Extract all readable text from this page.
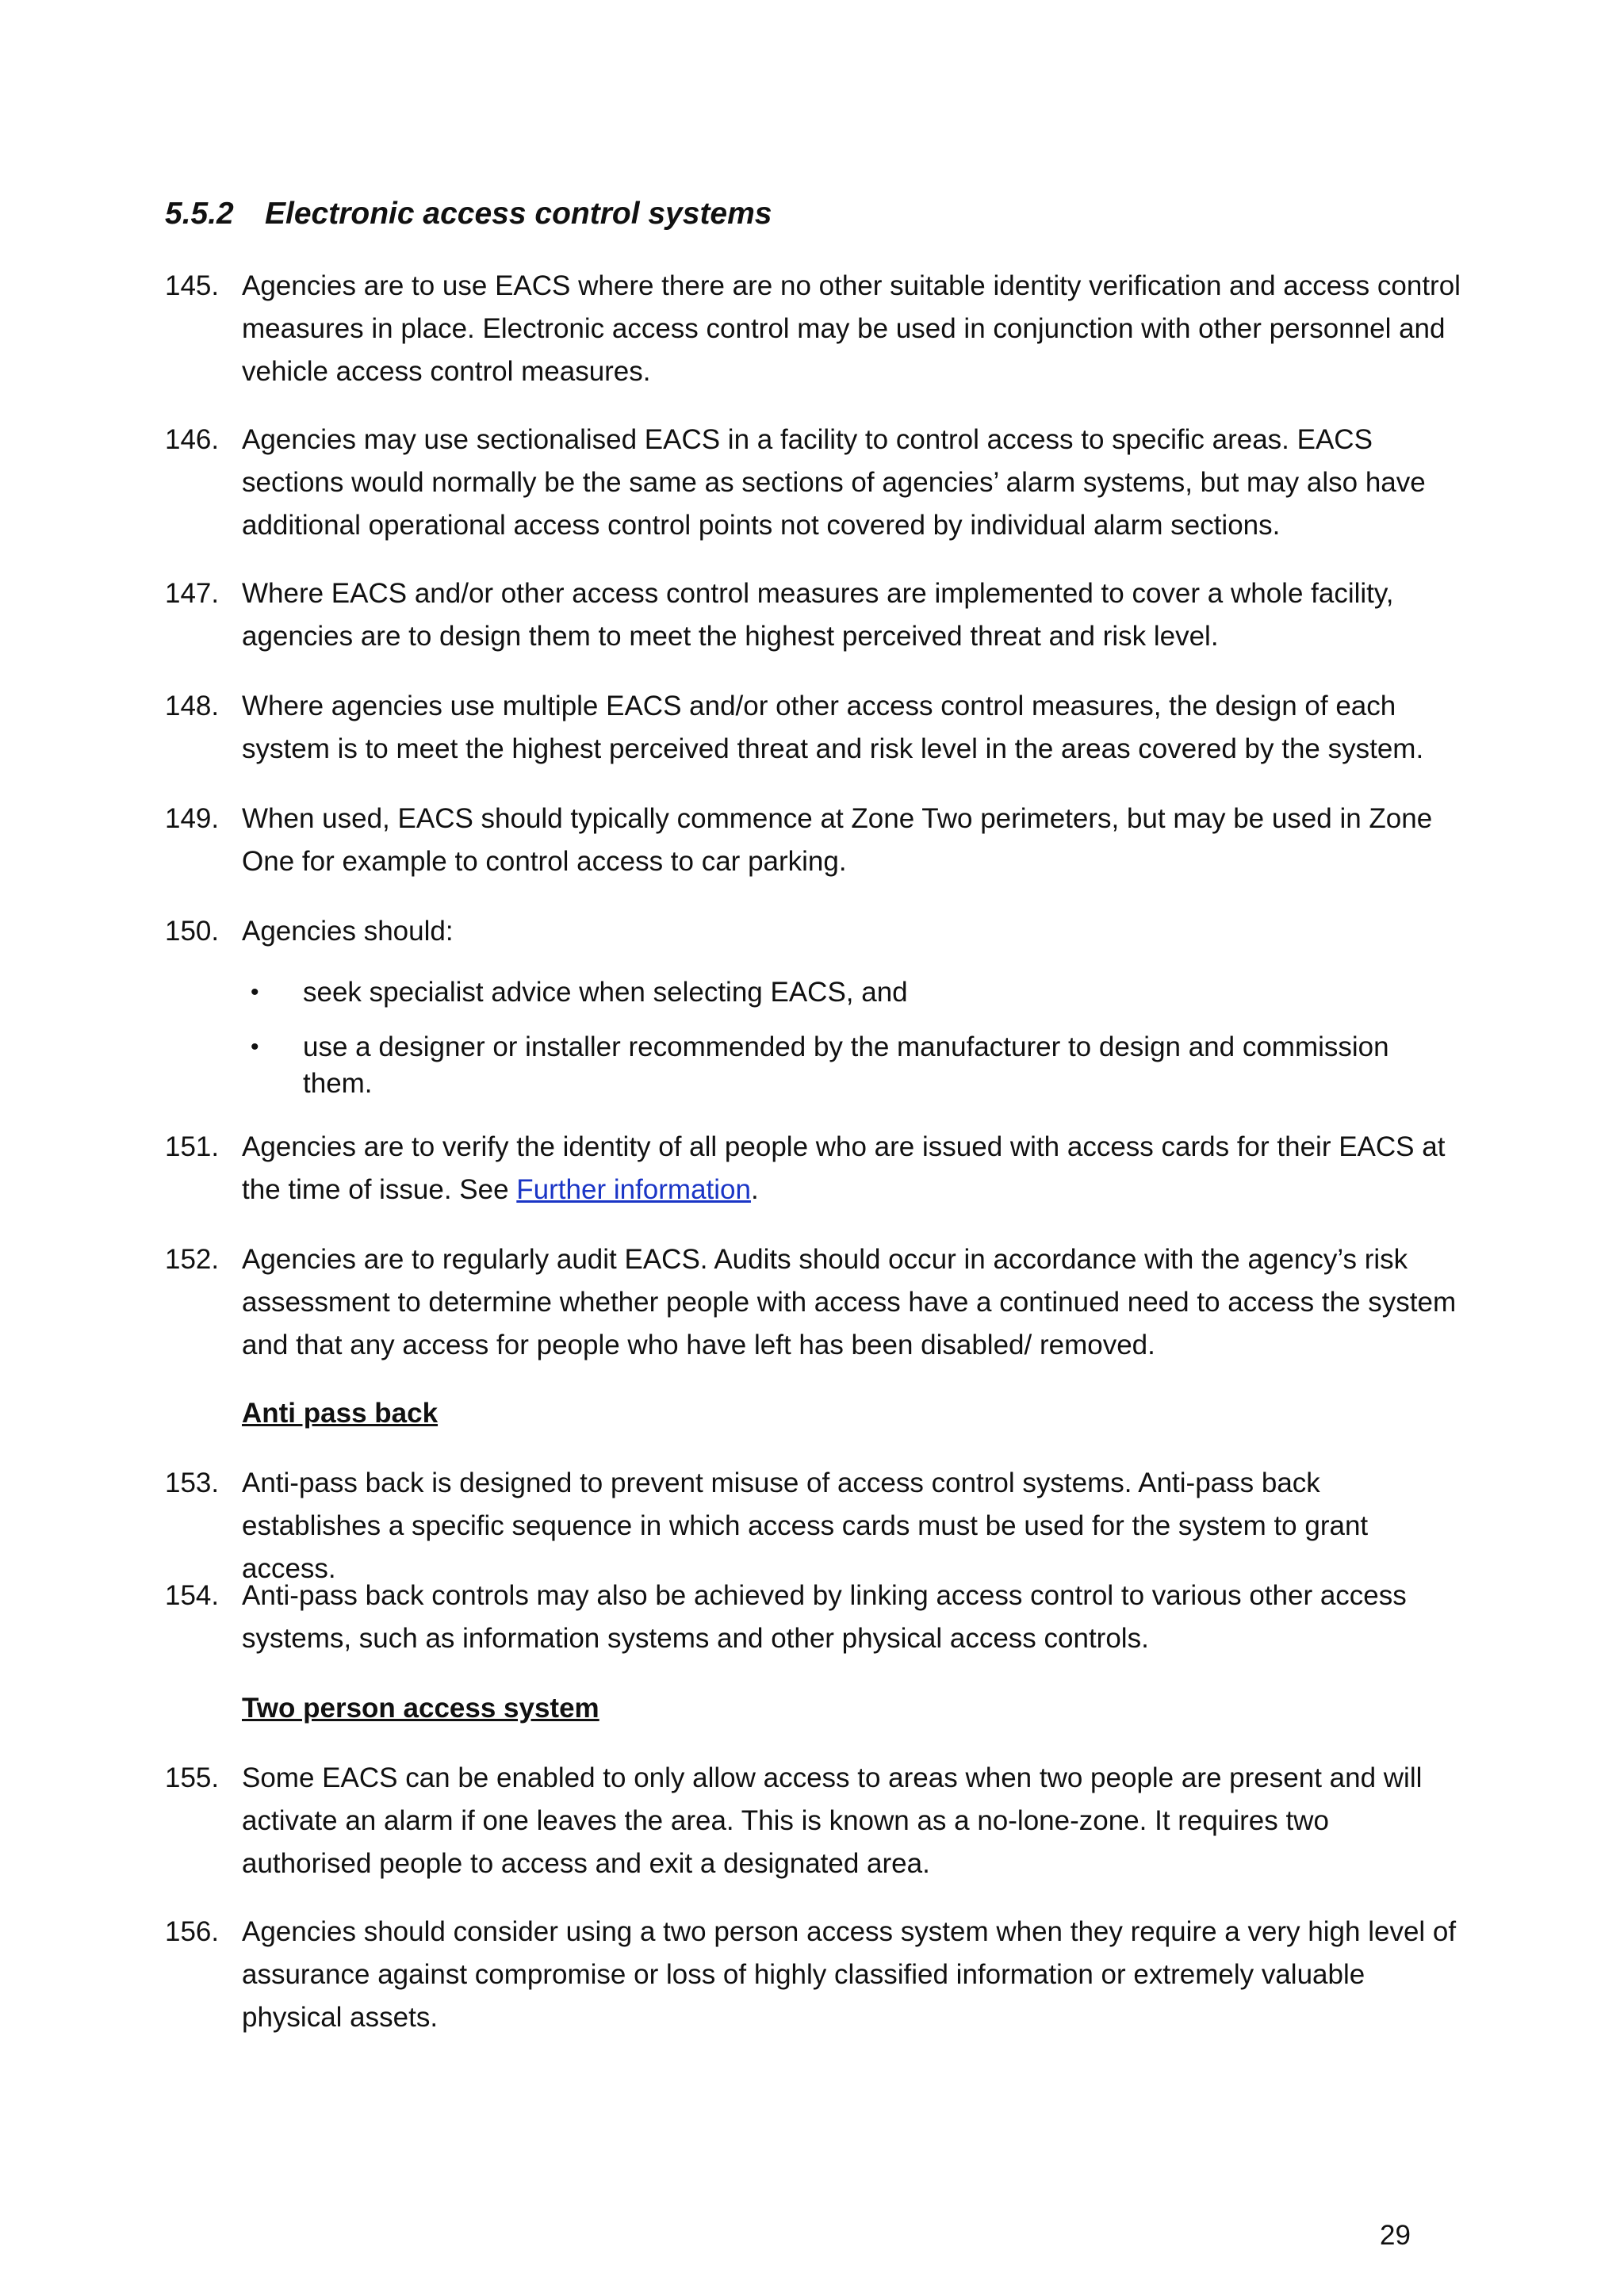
5.5.2 Electronic access control systems
145. Agencies are to use EACS where there are no other suitable identity verification and access control measures in place. Electronic access control may be used in conjunction with other personnel and vehicle access control measures.
146. Agencies may use sectionalised EACS in a facility to control access to specific areas. EACS sections would normally be the same as sections of agencies’ alarm systems, but may also have additional operational access control points not covered by individual alarm sections.
147. Where EACS and/or other access control measures are implemented to cover a whole facility, agencies are to design them to meet the highest perceived threat and risk level.
148. Where agencies use multiple EACS and/or other access control measures, the design of each system is to meet the highest perceived threat and risk level in the areas covered by the system.
149. When used, EACS should typically commence at Zone Two perimeters, but may be used in Zone One for example to control access to car parking.
150. Agencies should:
• seek specialist advice when selecting EACS, and
• use a designer or installer recommended by the manufacturer to design and commission them.
151. Agencies are to verify the identity of all people who are issued with access cards for their EACS at the time of issue. See Further information.
152. Agencies are to regularly audit EACS. Audits should occur in accordance with the agency’s risk assessment to determine whether people with access have a continued need to access the system and that any access for people who have left has been disabled/ removed.
Anti pass back
153. Anti-pass back is designed to prevent misuse of access control systems. Anti-pass back establishes a specific sequence in which access cards must be used for the system to grant access.
154. Anti-pass back controls may also be achieved by linking access control to various other access systems, such as information systems and other physical access controls.
Two person access system
155. Some EACS can be enabled to only allow access to areas when two people are present and will activate an alarm if one leaves the area. This is known as a no-lone-zone. It requires two authorised people to access and exit a designated area.
156. Agencies should consider using a two person access system when they require a very high level of assurance against compromise or loss of highly classified information or extremely valuable physical assets.
29
